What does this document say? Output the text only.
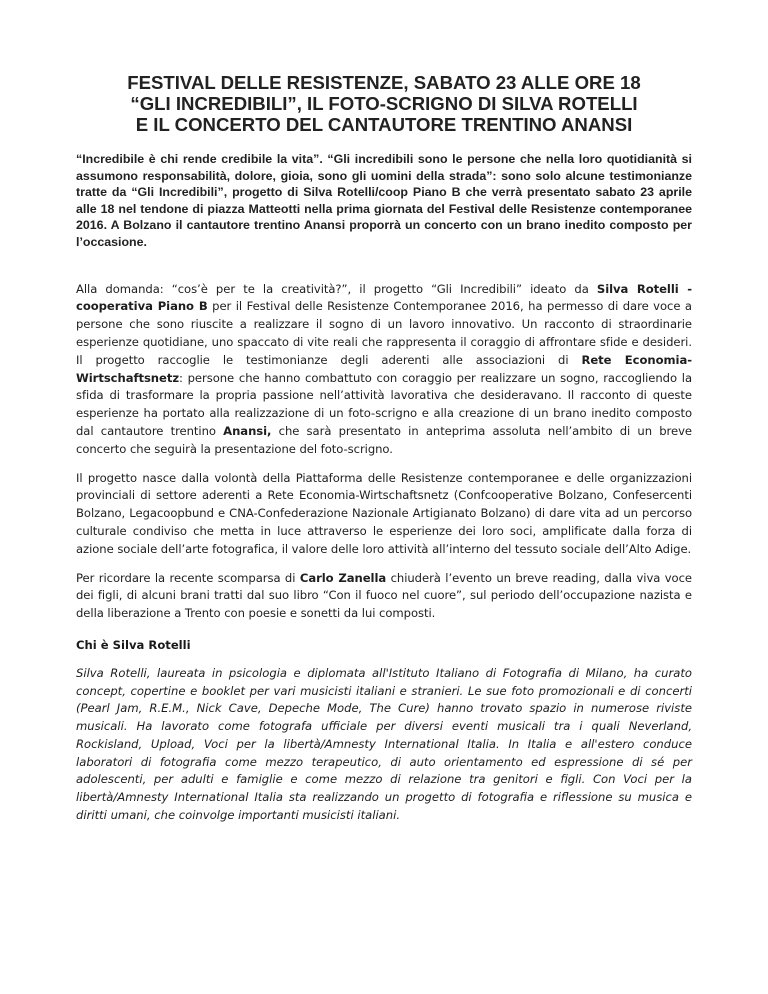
FESTIVAL DELLE RESISTENZE, SABATO 23 ALLE ORE 18
“GLI INCREDIBILI”, IL FOTO-SCRIGNO DI SILVA ROTELLI
E IL CONCERTO DEL CANTAUTORE TRENTINO ANANSI

“Incredibile è chi rende credibile la vita”. “Gli incredibili sono le persone che nella loro quotidianità si assumono responsabilità, dolore, gioia, sono gli uomini della strada”: sono solo alcune testimonianze tratte da “Gli Incredibili”, progetto di Silva Rotelli/coop Piano B che verrà presentato sabato 23 aprile alle 18 nel tendone di piazza Matteotti nella prima giornata del Festival delle Resistenze contemporanee 2016. A Bolzano il cantautore trentino Anansi proporrà un concerto con un brano inedito composto per l’occasione.

Alla domanda: “cos’è per te la creatività?”, il progetto “Gli Incredibili” ideato da Silva Rotelli - cooperativa Piano B per il Festival delle Resistenze Contemporanee 2016, ha permesso di dare voce a persone che sono riuscite a realizzare il sogno di un lavoro innovativo. Un racconto di straordinarie esperienze quotidiane, uno spaccato di vite reali che rappresenta il coraggio di affrontare sfide e desideri. Il progetto raccoglie le testimonianze degli aderenti alle associazioni di Rete Economia-Wirtschaftsnetz: persone che hanno combattuto con coraggio per realizzare un sogno, raccogliendo la sfida di trasformare la propria passione nell’attività lavorativa che desideravano. Il racconto di queste esperienze ha portato alla realizzazione di un foto-scrigno e alla creazione di un brano inedito composto dal cantautore trentino Anansi, che sarà presentato in anteprima assoluta nell’ambito di un breve concerto che seguirà la presentazione del foto-scrigno.

Il progetto nasce dalla volontà della Piattaforma delle Resistenze contemporanee e delle organizzazioni provinciali di settore aderenti a Rete Economia-Wirtschaftsnetz (Confcooperative Bolzano, Confesercenti Bolzano, Legacoopbund e CNA-Confederazione Nazionale Artigianato Bolzano) di dare vita ad un percorso culturale condiviso che metta in luce attraverso le esperienze dei loro soci, amplificate dalla forza di azione sociale dell’arte fotografica, il valore delle loro attività all’interno del tessuto sociale dell’Alto Adige.

Per ricordare la recente scomparsa di Carlo Zanella chiuderà l’evento un breve reading, dalla viva voce dei figli, di alcuni brani tratti dal suo libro “Con il fuoco nel cuore”, sul periodo dell’occupazione nazista e della liberazione a Trento con poesie e sonetti da lui composti.

Chi è Silva Rotelli

Silva Rotelli, laureata in psicologia e diplomata all'Istituto Italiano di Fotografia di Milano, ha curato concept, copertine e booklet per vari musicisti italiani e stranieri. Le sue foto promozionali e di concerti (Pearl Jam, R.E.M., Nick Cave, Depeche Mode, The Cure) hanno trovato spazio in numerose riviste musicali. Ha lavorato come fotografa ufficiale per diversi eventi musicali tra i quali Neverland, Rockisland, Upload, Voci per la libertà/Amnesty International Italia. In Italia e all'estero conduce laboratori di fotografia come mezzo terapeutico, di auto orientamento ed espressione di sé per adolescenti, per adulti e famiglie e come mezzo di relazione tra genitori e figli. Con Voci per la libertà/Amnesty International Italia sta realizzando un progetto di fotografia e riflessione su musica e diritti umani, che coinvolge importanti musicisti italiani.
